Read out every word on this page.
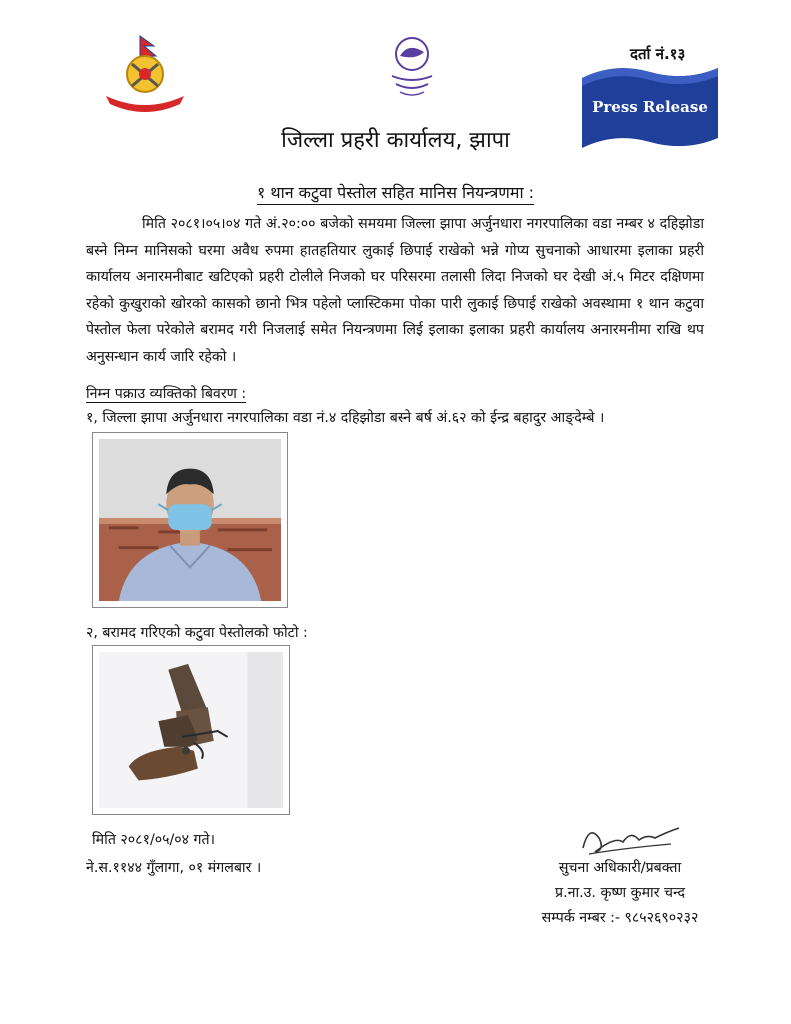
दर्ता नं.१३
Press Release
जिल्ला प्रहरी कार्यालय, झापा
१ थान कटुवा पेस्तोल सहित मानिस नियन्त्रणमा :
मिति २०८१।०५।०४ गते अं.२०:०० बजेको समयमा जिल्ला झापा अर्जुनधारा नगरपालिका वडा नम्बर ४ दहिझोडा बस्ने निम्न मानिसको घरमा अवैध रुपमा हातहतियार लुकाई छिपाई राखेको भन्ने गोप्य सुचनाको आधारमा इलाका प्रहरी कार्यालय अनारमनीबाट खटिएको प्रहरी टोलीले निजको घर परिसरमा तलासी लिदा निजको घर देखी अं.५ मिटर दक्षिणमा रहेको कुखुराको खोरको कासको छानो भित्र पहेलो प्लास्टिकमा पोका पारी लुकाई छिपाई राखेको अवस्थामा १ थान कटुवा पेस्तोल फेला परेकोले बरामद गरी निजलाई समेत नियन्त्रणमा लिई इलाका इलाका प्रहरी कार्यालय अनारमनीमा राखि थप अनुसन्धान कार्य जारि रहेको ।
निम्न पक्राउ व्यक्तिको बिवरण :
१, जिल्ला झापा अर्जुनधारा नगरपालिका वडा नं.४ दहिझोडा बस्ने बर्ष अं.६२ को ईन्द्र बहादुर आङ्देम्बे ।
२, बरामद गरिएको कटुवा पेस्तोलको फोटो :
मिति २०८१/०५/०४ गते।
ने.स.११४४ गुँलागा, ०१ मंगलबार ।	सुचना अधिकारी/प्रबक्ता
प्र.ना.उ. कृष्ण कुमार चन्द
सम्पर्क नम्बर :- ९८५२६९०२३२
